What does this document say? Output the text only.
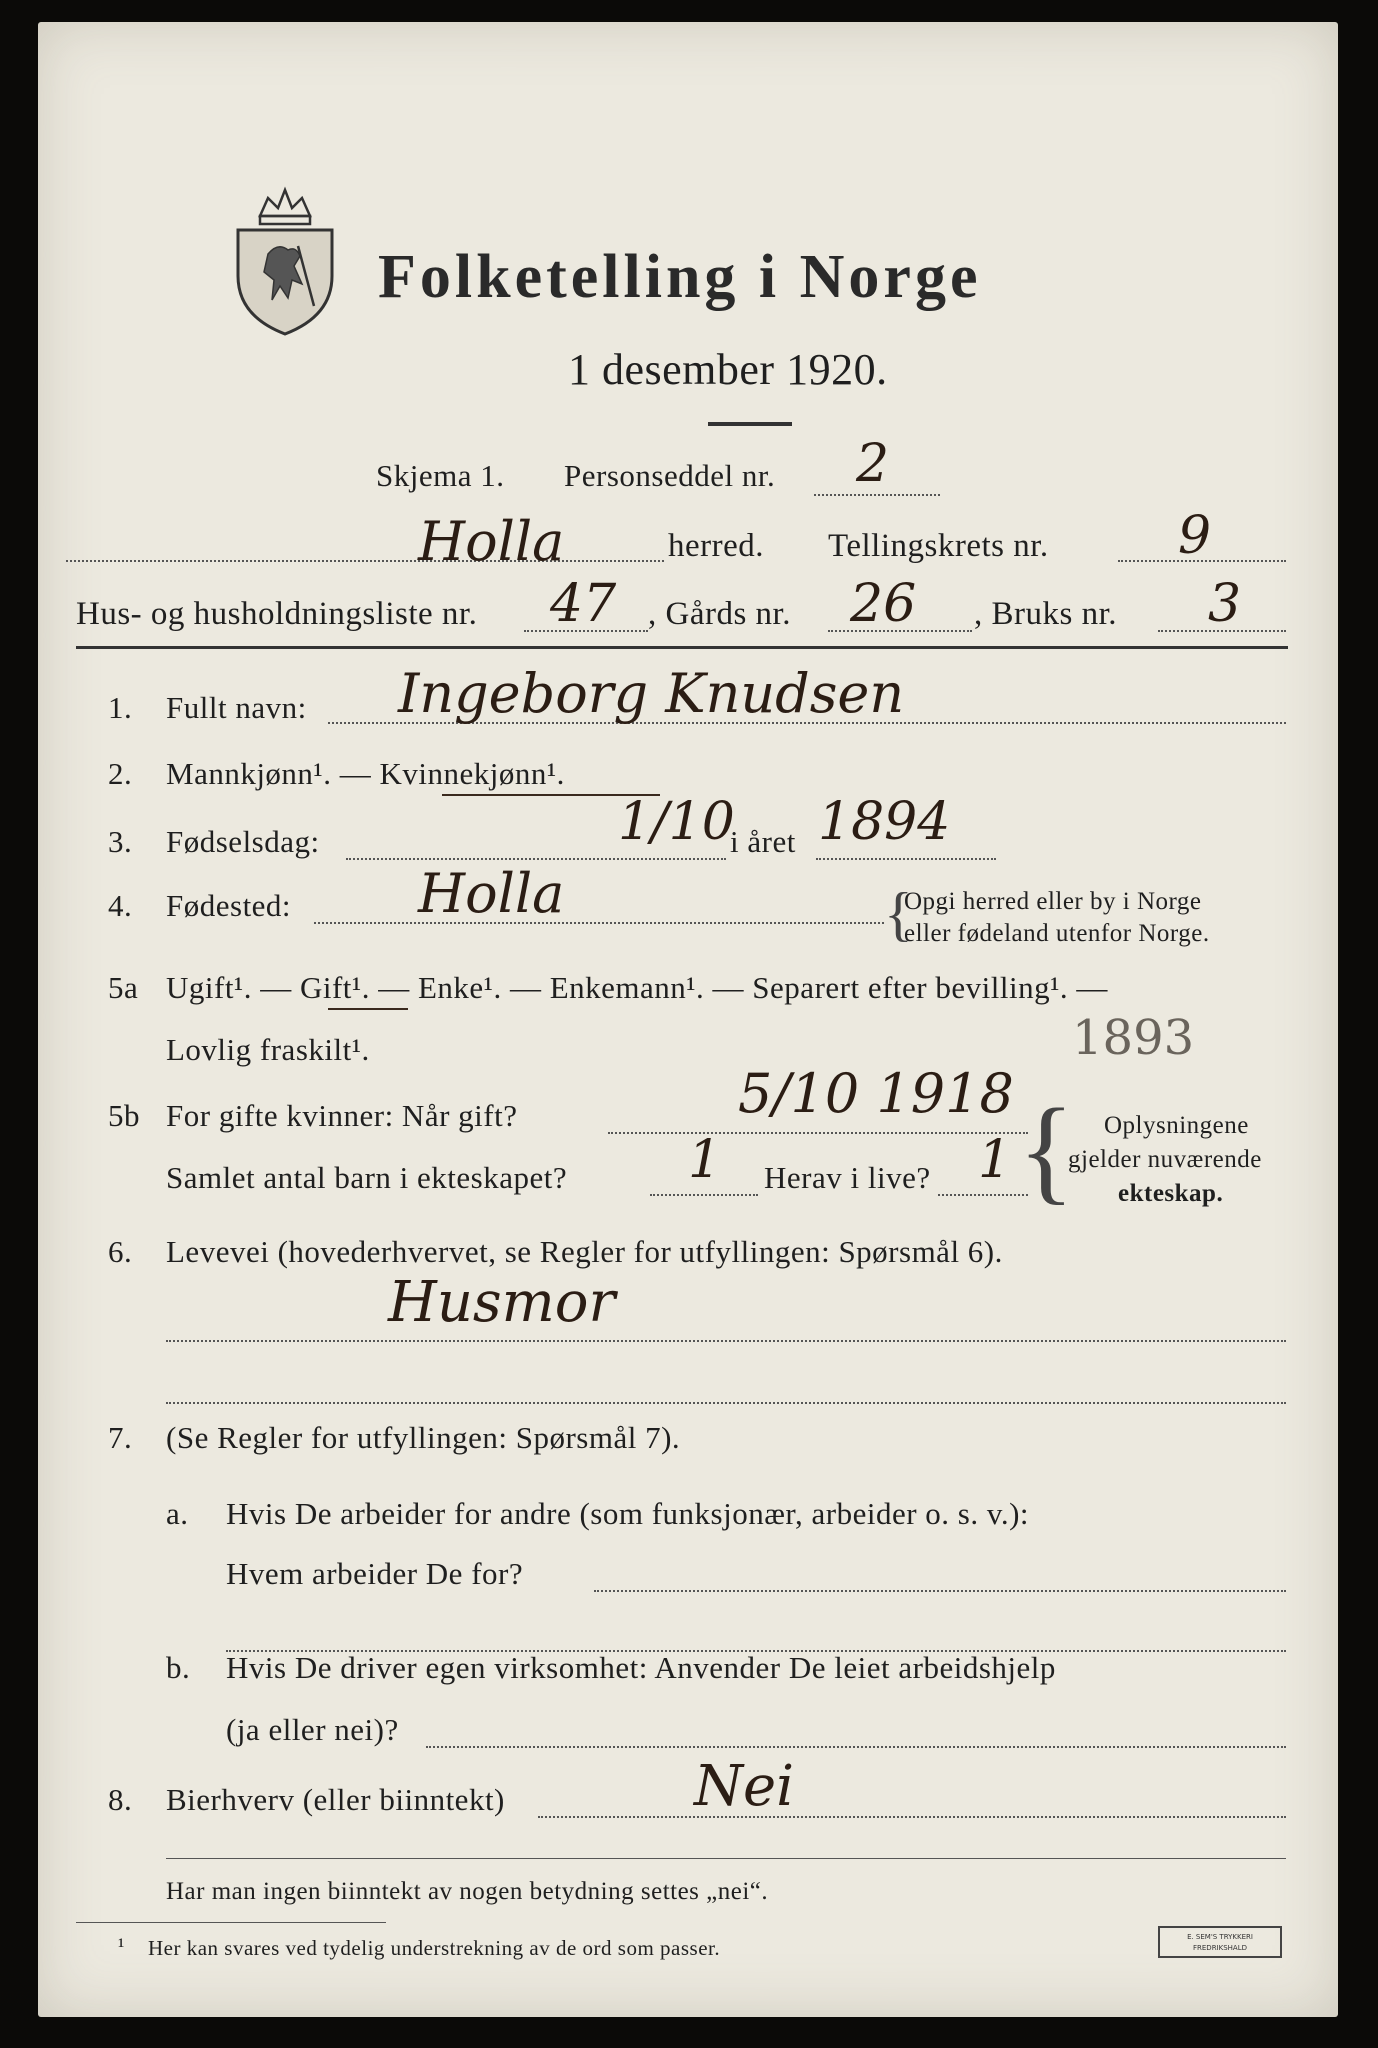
Folketelling i Norge
1 desember 1920.
Skjema 1. Personseddel nr. 2
Holla	herred. Tellingskrets nr. 9
Hus- og husholdningsliste nr. 47 , Gårds nr. 26 , Bruks nr. 3
1. Fullt navn: Ingeborg Knudsen
2. Mannkjønn¹. — Kvinnekjønn¹.
3. Fødselsdag:	1/10
i året 1894
4. Fødested: Holla	{
Opgi herred eller by i Norge
eller fødeland utenfor Norge.
5a Ugift¹. — Gift¹. — Enke¹. — Enkemann¹. — Separert efter bevilling¹. —
Lovlig fraskilt¹.	1893
5b For gifte kvinner: Når gift?	5/10 1918
Samlet antal barn i ekteskapet? 1 Herav i live? 1 { Oplysningene
gjelder nuværende
ekteskap.
6. Levevei (hovederhvervet, se Regler for utfyllingen: Spørsmål 6).
Husmor
7. (Se Regler for utfyllingen: Spørsmål 7).
a. Hvis De arbeider for andre (som funksjonær, arbeider o. s. v.):
Hvem arbeider De for?
b. Hvis De driver egen virksomhet: Anvender De leiet arbeidshjelp
(ja eller nei)?
8. Bierhverv (eller biinntekt)	Nei
Har man ingen biinntekt av nogen betydning settes „nei“.
¹ Her kan svares ved tydelig understrekning av de ord som passer.	E. SEM'S TRYKKERI
FREDRIKSHALD
